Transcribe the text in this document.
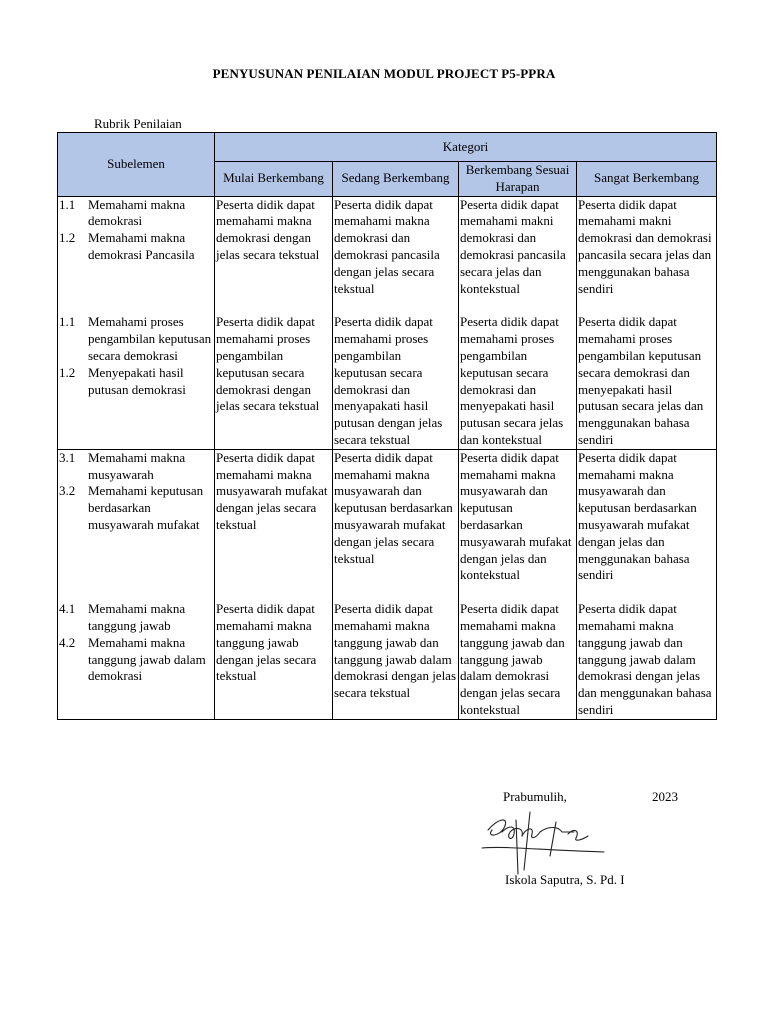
PENYUSUNAN PENILAIAN MODUL PROJECT P5-PPRA
Rubrik Penilaian
Subelemen	Kategori			
	Mulai Berkembang	Sedang Berkembang	Berkembang Sesuai Harapan	Sangat Berkembang

1.1 Memahami makna demokrasi
1.2 Memahami makna demokrasi Pancasila	Peserta didik dapat memahami makna demokrasi dengan jelas secara tekstual	Peserta didik dapat memahami makna demokrasi dan demokrasi pancasila dengan jelas secara tekstual	Peserta didik dapat memahami makni demokrasi dan demokrasi pancasila secara jelas dan kontekstual	Peserta didik dapat memahami makni demokrasi dan demokrasi pancasila secara jelas dan menggunakan bahasa sendiri

1.1 Memahami proses pengambilan keputusan secara demokrasi
1.2 Menyepakati hasil putusan demokrasi	Peserta didik dapat memahami proses pengambilan keputusan secara demokrasi dengan jelas secara tekstual	Peserta didik dapat memahami proses pengambilan keputusan secara demokrasi dan menyapakati hasil putusan dengan jelas secara tekstual	Peserta didik dapat memahami proses pengambilan keputusan secara demokrasi dan menyepakati hasil putusan secara jelas dan kontekstual	Peserta didik dapat memahami proses pengambilan keputusan secara demokrasi dan menyepakati hasil putusan secara jelas dan menggunakan bahasa sendiri

3.1 Memahami makna musyawarah
3.2 Memahami keputusan berdasarkan musyawarah mufakat	Peserta didik dapat memahami makna musyawarah mufakat dengan jelas secara tekstual	Peserta didik dapat memahami makna musyawarah dan keputusan berdasarkan musyawarah mufakat dengan jelas secara tekstual	Peserta didik dapat memahami makna musyawarah dan keputusan berdasarkan musyawarah mufakat dengan jelas dan kontekstual	Peserta didik dapat memahami makna musyawarah dan keputusan berdasarkan musyawarah mufakat dengan jelas dan menggunakan bahasa sendiri

4.1 Memahami makna tanggung jawab
4.2 Memahami makna tanggung jawab dalam demokrasi	Peserta didik dapat memahami makna tanggung jawab dengan jelas secara tekstual	Peserta didik dapat memahami makna tanggung jawab dan tanggung jawab dalam demokrasi dengan jelas secara tekstual	Peserta didik dapat memahami makna tanggung jawab dan tanggung jawab dalam demokrasi dengan jelas secara kontekstual	Peserta didik dapat memahami makna tanggung jawab dan tanggung jawab dalam demokrasi dengan jelas dan menggunakan bahasa sendiri
Prabumulih,	2023
Iskola Saputra, S. Pd. I
